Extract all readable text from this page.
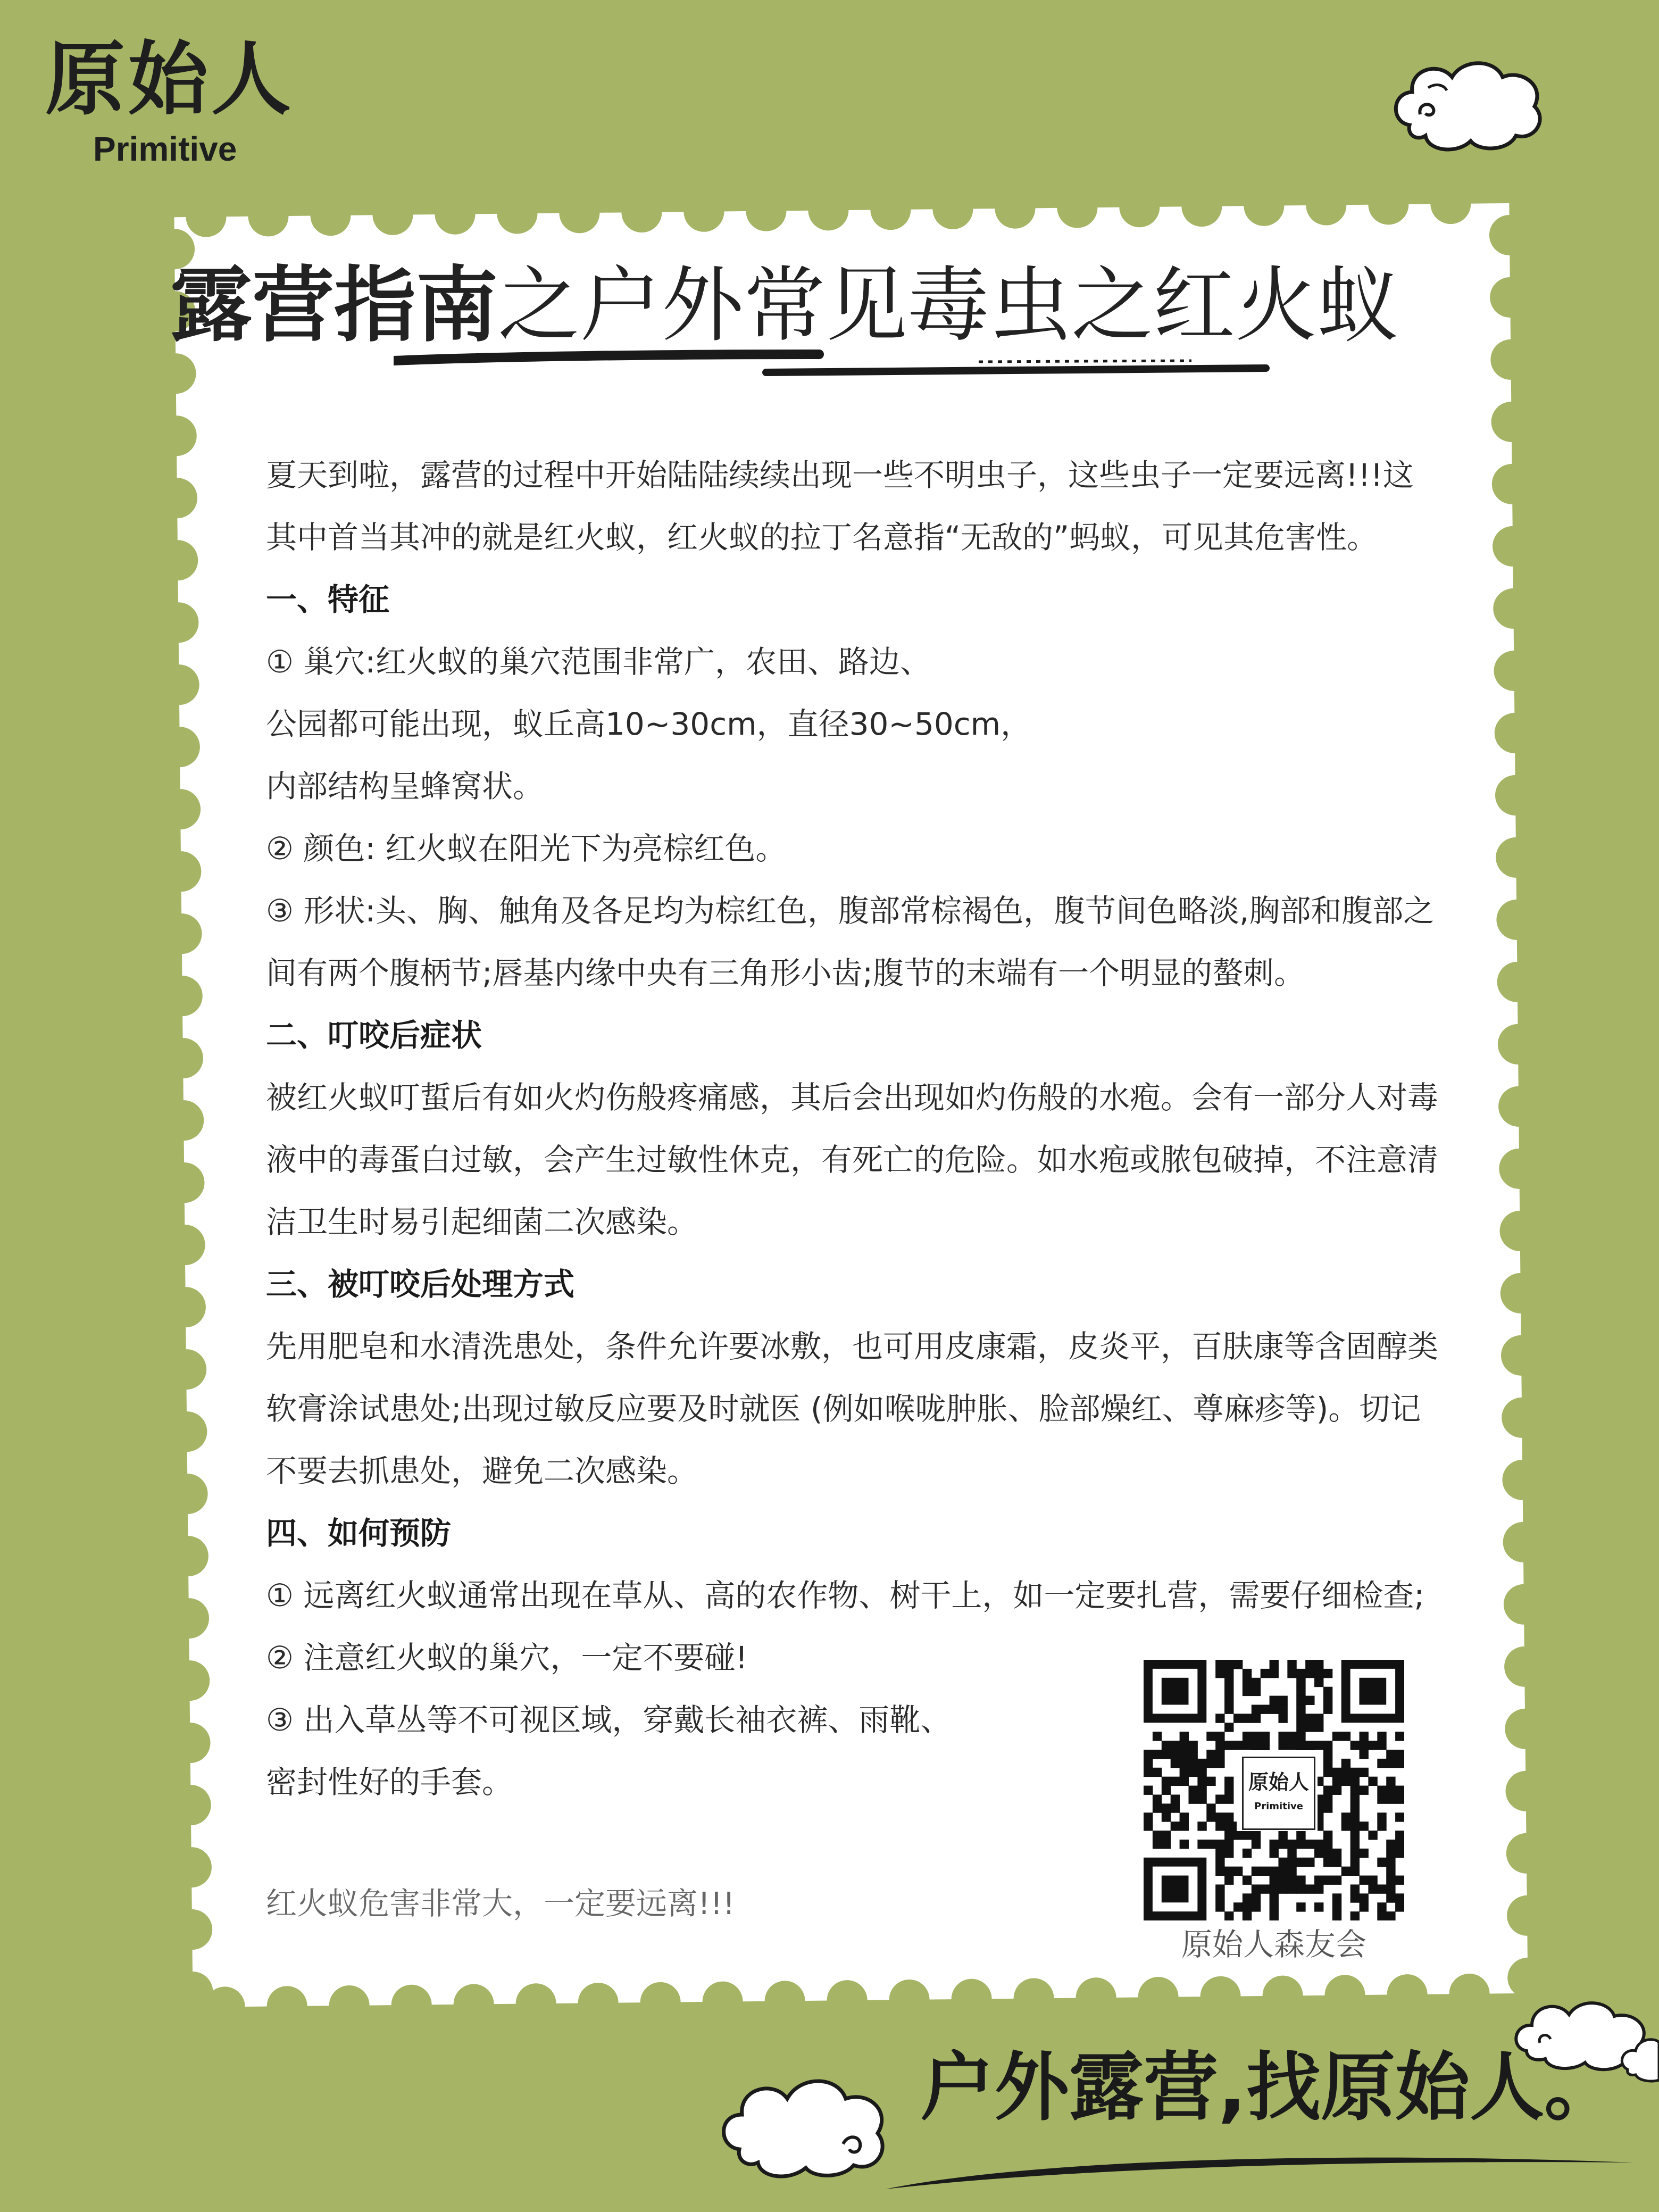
原始人
Primitive
露营指南之户外常见毒虫之红火蚁
夏天到啦，露营的过程中开始陆陆续续出现一些不明虫子，这些虫子一定要远离!!!这
其中首当其冲的就是红火蚁，红火蚁的拉丁名意指“无敌的”蚂蚁，可见其危害性。
一、特征
① 巢穴:红火蚁的巢穴范围非常广，农田、路边、
公园都可能出现，蚁丘高10~30cm，直径30~50cm，
内部结构呈蜂窝状。
② 颜色: 红火蚁在阳光下为亮棕红色。
③ 形状:头、胸、触角及各足均为棕红色，腹部常棕褐色，腹节间色略淡,胸部和腹部之
间有两个腹柄节;唇基内缘中央有三角形小齿;腹节的末端有一个明显的螯刺。
二、叮咬后症状
被红火蚁叮蜇后有如火灼伤般疼痛感，其后会出现如灼伤般的水疱。会有一部分人对毒
液中的毒蛋白过敏，会产生过敏性休克，有死亡的危险。如水疱或脓包破掉，不注意清
洁卫生时易引起细菌二次感染。
三、被叮咬后处理方式
先用肥皂和水清洗患处，条件允许要冰敷，也可用皮康霜，皮炎平，百肤康等含固醇类
软膏涂试患处;出现过敏反应要及时就医 (例如喉咙肿胀、脸部燥红、尊麻疹等)。切记
不要去抓患处，避免二次感染。
四、如何预防
① 远离红火蚁通常出现在草从、高的农作物、树干上，如一定要扎营，需要仔细检查;
② 注意红火蚁的巢穴，一定不要碰!
③ 出入草丛等不可视区域，穿戴长袖衣裤、雨靴、
密封性好的手套。
红火蚁危害非常大，一定要远离!!!
原始人
Primitive
原始人森友会
户外露营,找原始人。
